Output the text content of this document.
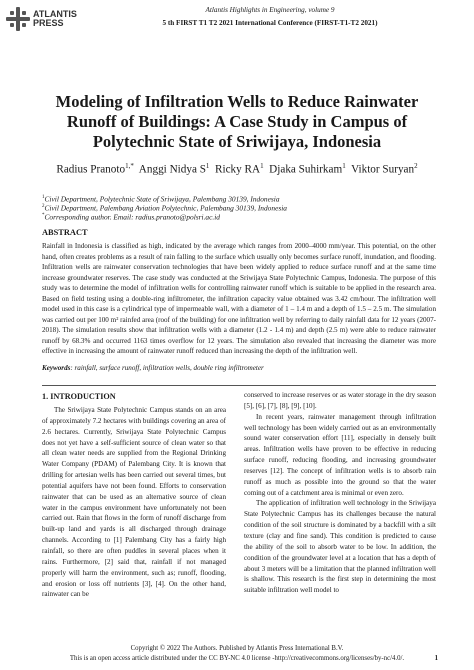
ATLANTIS
PRESS
Atlantis Highlights in Engineering, volume 9
5 th FIRST T1 T2 2021 International Conference (FIRST-T1-T2 2021)
Modeling of Infiltration Wells to Reduce Rainwater
Runoff of Buildings: A Case Study in Campus of
Polytechnic State of Sriwijaya, Indonesia
Radius Pranoto$^{1,*}$ Anggi Nidya $S^1$ Ricky $RA^1$ Djaka Suhirkam$^1$ Viktor Suryan$^2$
$^1$Civil Department, Polytechnic State of Sriwijaya, Palembang 30139, Indonesia
$^2$Civil Department, Palembang Aviation Polytechnic, Palembang 30139, Indonesia
*Corresponding author. Email: radius.pranoto@polsri.ac.id
ABSTRACT
Rainfall in Indonesia is classified as high, indicated by the average which ranges from 2000–4000 mm/year. This potential, on the other hand, often creates problems as a result of rain falling to the surface which usually only becomes surface runoff, inundation, and flooding. Infiltration wells are rainwater conservation technologies that have been widely applied to reduce surface runoff and at the same time increase groundwater reserves. The case study was conducted at the Sriwijaya State Polytechnic Campus, Indonesia. The purpose of this study was to determine the model of infiltration wells for controlling rainwater runoff which is suitable to be applied in the research area. Based on field testing using a double-ring infiltrometer, the infiltration capacity value obtained was 3.42 cm/hour. The infiltration well model used in this case is a cylindrical type of impermeable wall, with a diameter of 1 – 1.4 m and a depth of 1.5 – 2.5 m. The simulation was carried out per 100 m² rainfed area (roof of the building) for one infiltration well by referring to daily rainfall data for 12 years (2007-2018). The simulation results show that infiltration wells with a diameter (1.2 - 1.4 m) and depth (2.5 m) were able to reduce rainwater runoff by 68.3% and occurred 1163 times overflow for 12 years. The simulation also revealed that increasing the diameter was more effective in increasing the amount of rainwater runoff reduced than increasing the depth of the infiltration well.
Keywords: rainfall, surface runoff, infiltration wells, double ring infiltrometer
1. INTRODUCTION

The Sriwijaya State Polytechnic Campus stands on an area of approximately 7.2 hectares with buildings covering an area of 2.6 hectares. Currently, Sriwijaya State Polytechnic Campus does not yet have a self-sufficient source of clean water so that all clean water needs are supplied from the Regional Drinking Water Company (PDAM) of Palembang City. It is known that drilling for artesian wells has been carried out several times, but potential aquifers have not been found. Efforts to conservation rainwater that can be used as an alternative source of clean water in the campus environment have unfortunately not been carried out. Rain that flows in the form of runoff discharge from built-up land and yards is all discharged through drainage channels. According to [1] Palembang City has a fairly high rainfall, so there are often puddles in several places when it rains. Furthermore, [2] said that, rainfall if not managed properly will harm the environment, such as; runoff, flooding, and erosion or loss off nutrients [3], [4]. On the other hand, rainwater can be

conserved to increase reserves or as water storage in the dry season [5], [6], [7], [8], [9], [10].

In recent years, rainwater management through infiltration well technology has been widely carried out as an environmentally sound water conservation effort [11], especially in densely built areas. Infiltration wells have proven to be effective in reducing surface runoff, reducing flooding, and increasing groundwater reserves [12]. The concept of infiltration wells is to absorb rain runoff as much as possible into the ground so that the water coming out of a catchment area is minimal or even zero.

The application of infiltration well technology in the Sriwijaya State Polytechnic Campus has its challenges because the natural condition of the soil structure is dominated by a backfill with a silt texture (clay and fine sand). This condition is predicted to cause the ability of the soil to absorb water to be low. In addition, the condition of the groundwater level at a location that has a depth of about 3 meters will be a limitation that the planned infiltration well is shallow. This research is the first step in determining the most suitable infiltration well model to

Copyright © 2022 The Authors. Published by Atlantis Press International B.V.
This is an open access article distributed under the CC BY-NC 4.0 license -http://creativecommons.org/licenses/by-nc/4.0/.	1
